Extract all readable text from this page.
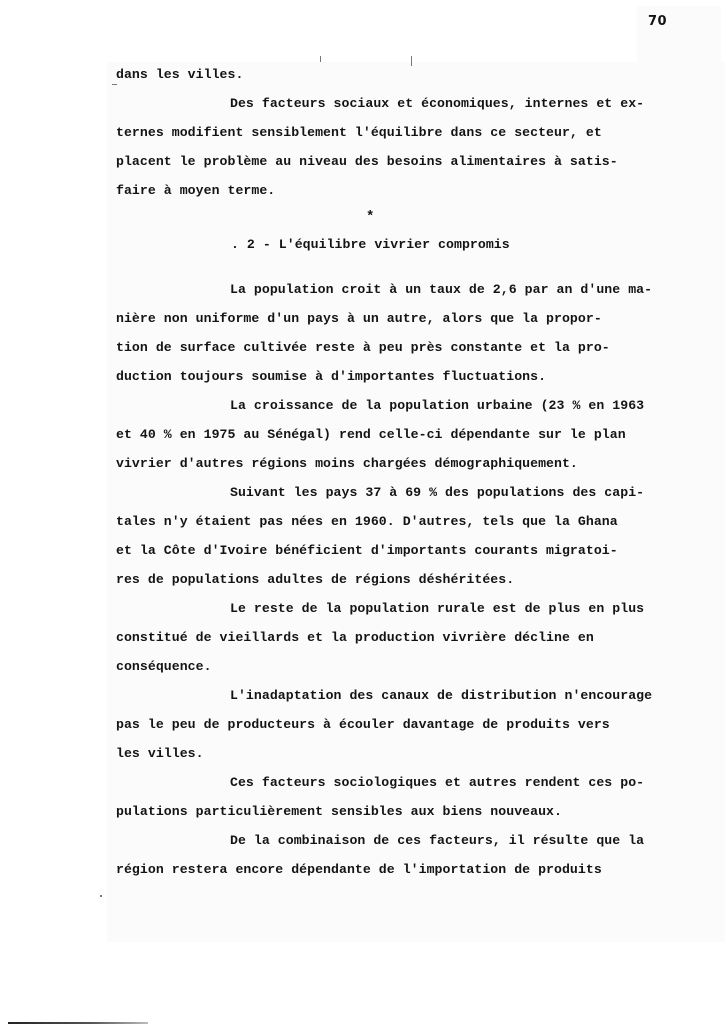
70
dans les villes.
Des facteurs sociaux et économiques, internes et ex-
ternes modifient sensiblement l'équilibre dans ce secteur, et
placent le problème au niveau des besoins alimentaires à satis-
faire à moyen terme.
*
. 2 - L'équilibre vivrier compromis
La population croit à un taux de 2,6 par an d'une ma-
nière non uniforme d'un pays à un autre, alors que la propor-
tion de surface cultivée reste à peu près constante et la pro-
duction toujours soumise à d'importantes fluctuations.
La croissance de la population urbaine (23 % en 1963
et 40 % en 1975 au Sénégal) rend celle-ci dépendante sur le plan
vivrier d'autres régions moins chargées démographiquement.
Suivant les pays 37 à 69 % des populations des capi-
tales n'y étaient pas nées en 1960. D'autres, tels que la Ghana
et la Côte d'Ivoire bénéficient d'importants courants migratoi-
res de populations adultes de régions déshéritées.
Le reste de la population rurale est de plus en plus
constitué de vieillards et la production vivrière décline en
conséquence.
L'inadaptation des canaux de distribution n'encourage
pas le peu de producteurs à écouler davantage de produits vers
les villes.
Ces facteurs sociologiques et autres rendent ces po-
pulations particulièrement sensibles aux biens nouveaux.
De la combinaison de ces facteurs, il résulte que la
région restera encore dépendante de l'importation de produits
